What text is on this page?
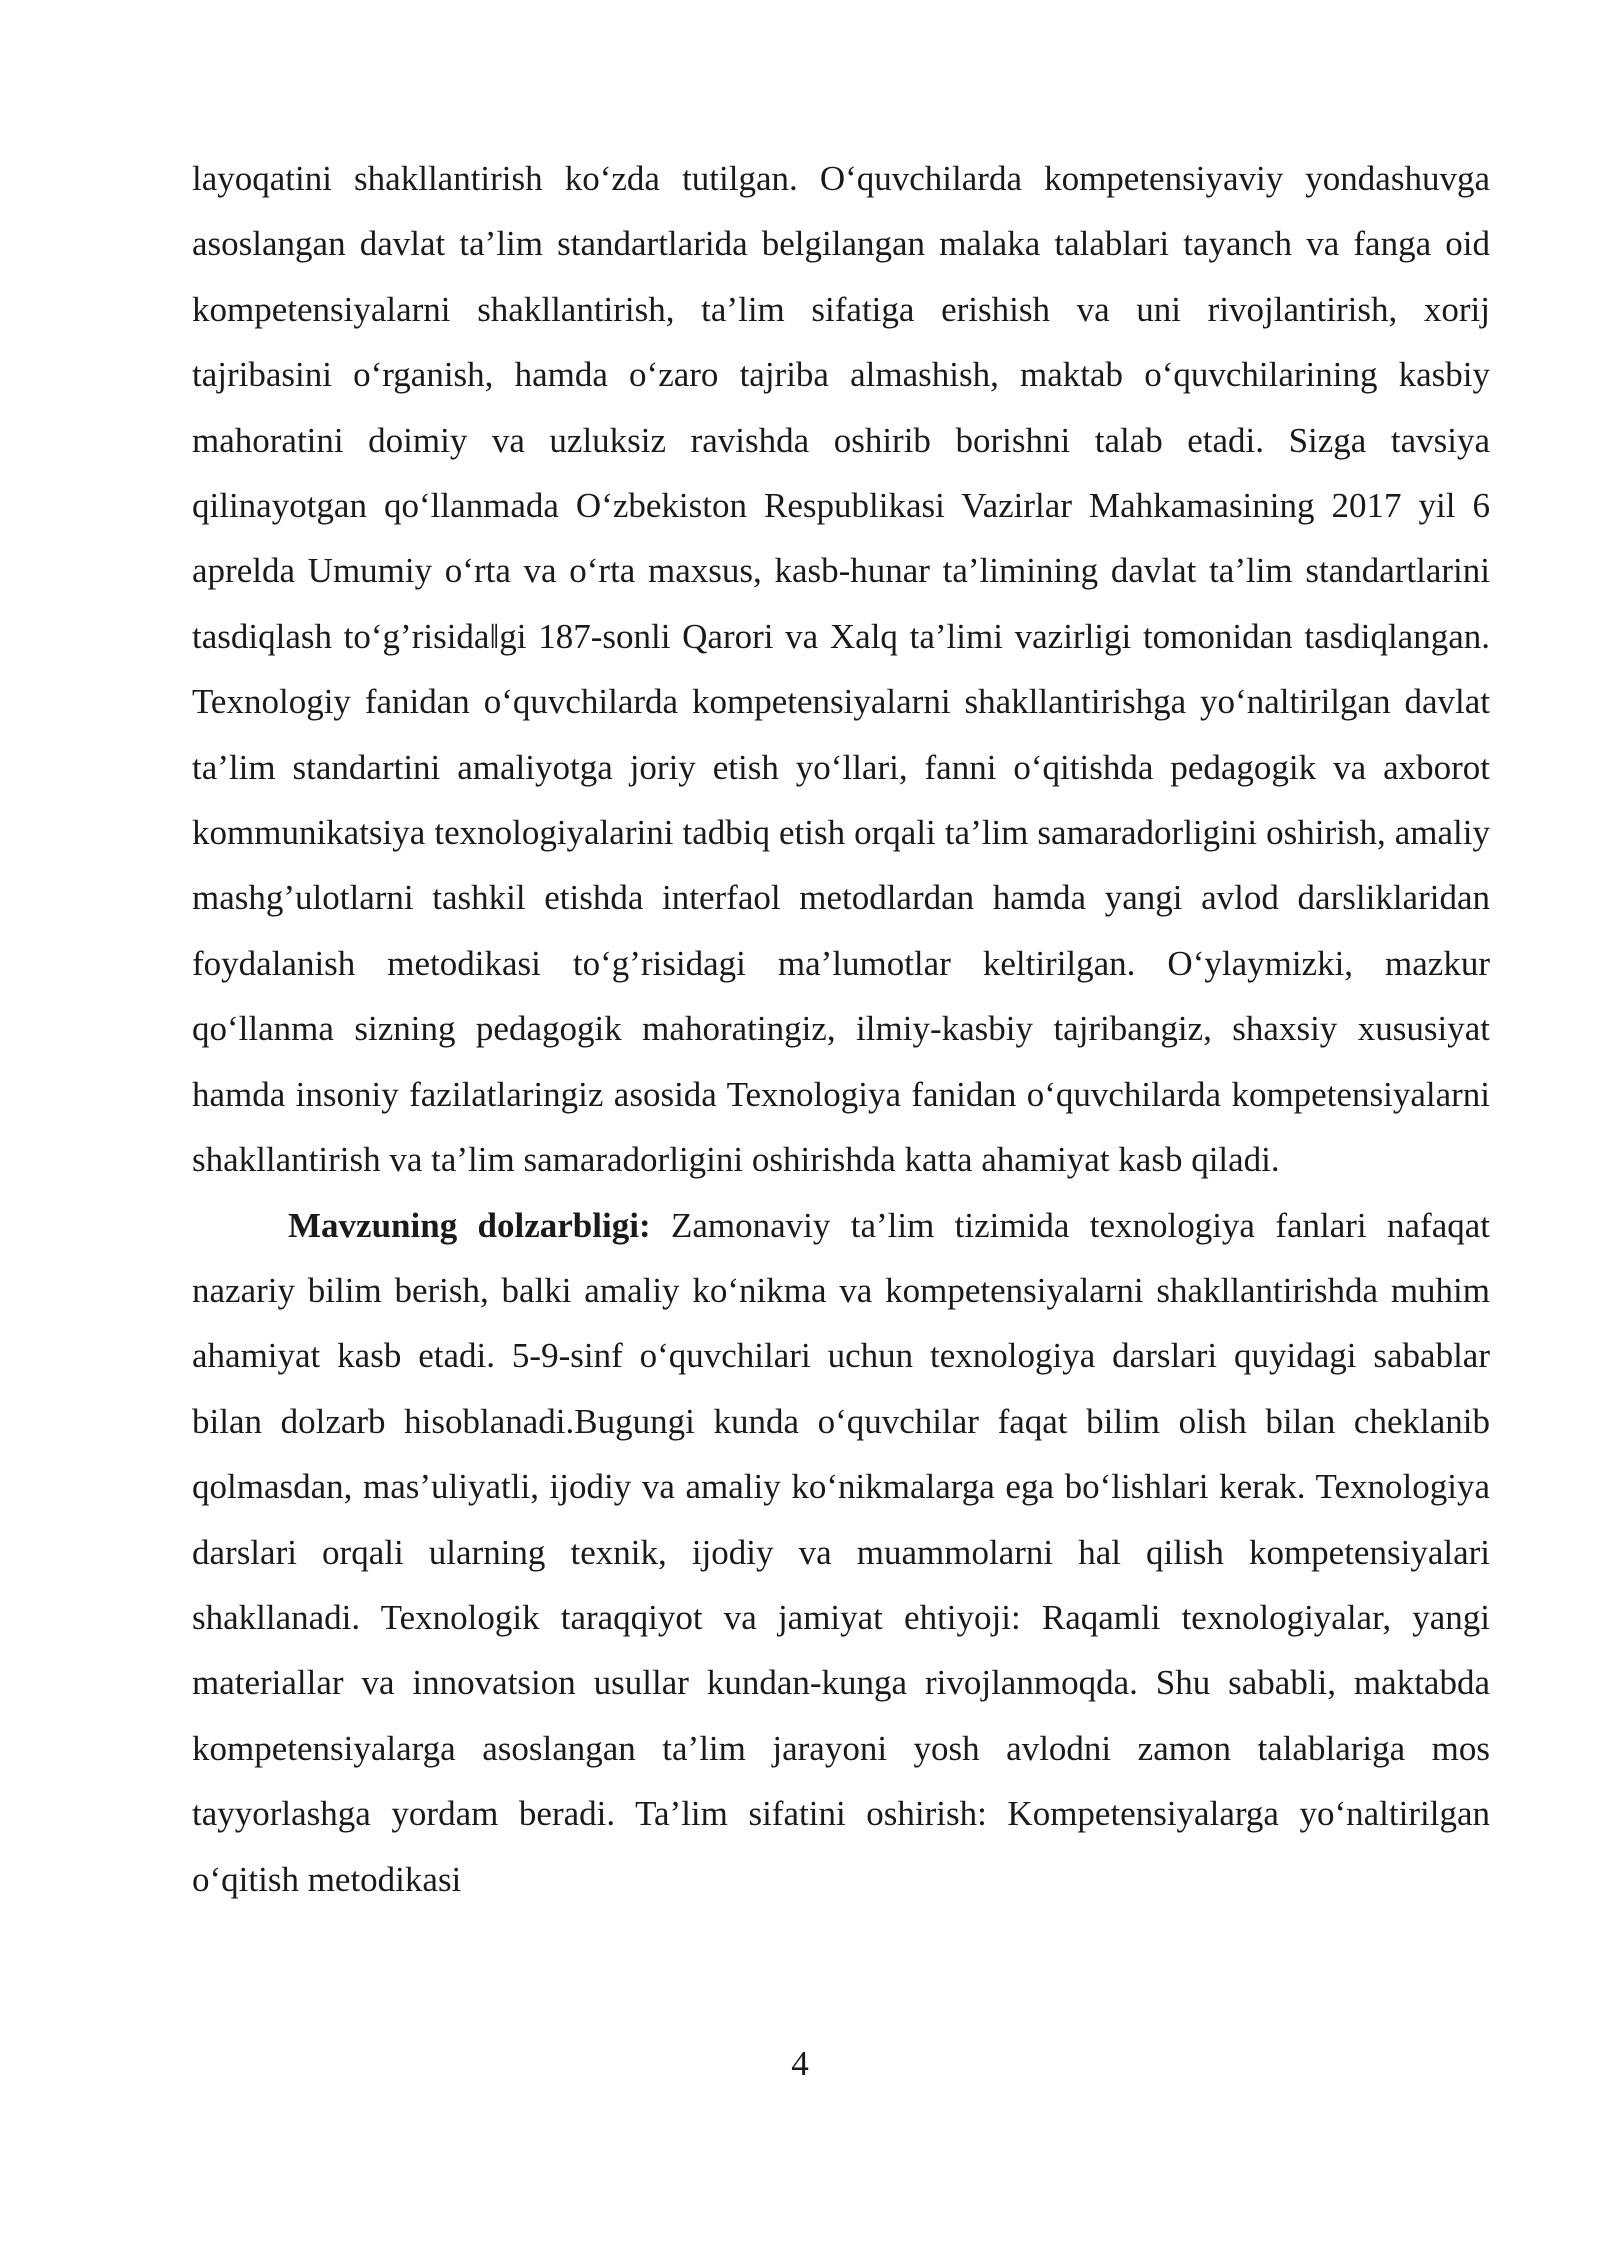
layoqatini shakllantirish ko‘zda tutilgan. O‘quvchilarda kompetensiyaviy yondashuvga asoslangan davlat ta’lim standartlarida belgilangan malaka talablari tayanch va fanga oid kompetensiyalarni shakllantirish, ta’lim sifatiga erishish va uni rivojlantirish, xorij tajribasini o‘rganish, hamda o‘zaro tajriba almashish, maktab o‘quvchilarining kasbiy mahoratini doimiy va uzluksiz ravishda oshirib borishni talab etadi. Sizga tavsiya qilinayotgan qo‘llanmada O‘zbekiston Respublikasi Vazirlar Mahkamasining 2017 yil 6 aprelda Umumiy o‘rta va o‘rta maxsus, kasb-hunar ta’limining davlat ta’lim standartlarini tasdiqlash to‘g’risida‖gi 187-sonli Qarori va Xalq ta’limi vazirligi tomonidan tasdiqlangan. Texnologiy fanidan o‘quvchilarda kompetensiyalarni shakllantirishga yo‘naltirilgan davlat ta’lim standartini amaliyotga joriy etish yo‘llari, fanni o‘qitishda pedagogik va axborot kommunikatsiya texnologiyalarini tadbiq etish orqali ta’lim samaradorligini oshirish, amaliy mashg’ulotlarni tashkil etishda interfaol metodlardan hamda yangi avlod darsliklaridan foydalanish metodikasi to‘g’risidagi ma’lumotlar keltirilgan. O‘ylaymizki, mazkur qo‘llanma sizning pedagogik mahoratingiz, ilmiy-kasbiy tajribangiz, shaxsiy xususiyat hamda insoniy fazilatlaringiz asosida Texnologiya fanidan o‘quvchilarda kompetensiyalarni shakllantirish va ta’lim samaradorligini oshirishda katta ahamiyat kasb qiladi.

Mavzuning dolzarbligi: Zamonaviy ta’lim tizimida texnologiya fanlari nafaqat nazariy bilim berish, balki amaliy ko‘nikma va kompetensiyalarni shakllantirishda muhim ahamiyat kasb etadi. 5-9-sinf o‘quvchilari uchun texnologiya darslari quyidagi sabablar bilan dolzarb hisoblanadi.Bugungi kunda o‘quvchilar faqat bilim olish bilan cheklanib qolmasdan, mas’uliyatli, ijodiy va amaliy ko‘nikmalarga ega bo‘lishlari kerak. Texnologiya darslari orqali ularning texnik, ijodiy va muammolarni hal qilish kompetensiyalari shakllanadi. Texnologik taraqqiyot va jamiyat ehtiyoji: Raqamli texnologiyalar, yangi materiallar va innovatsion usullar kundan-kunga rivojlanmoqda. Shu sababli, maktabda kompetensiyalarga asoslangan ta’lim jarayoni yosh avlodni zamon talablariga mos tayyorlashga yordam beradi. Ta’lim sifatini oshirish: Kompetensiyalarga yo‘naltirilgan o‘qitish metodikasi

4
